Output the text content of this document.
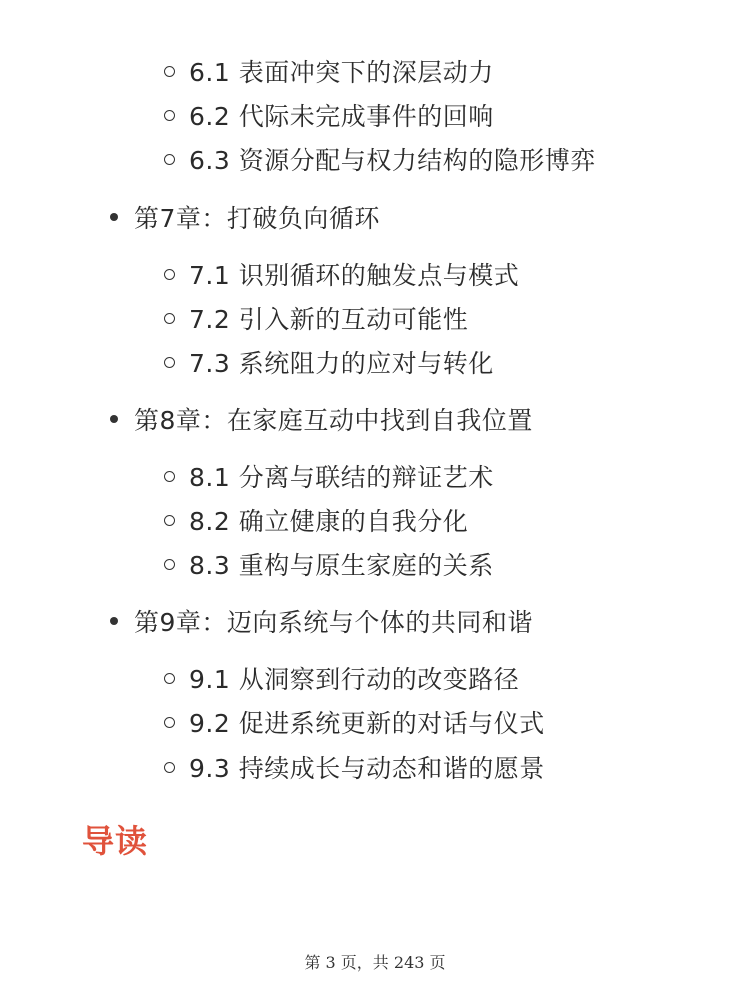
6.1 表面冲突下的深层动力
6.2 代际未完成事件的回响
6.3 资源分配与权力结构的隐形博弈
第7章：打破负向循环
7.1 识别循环的触发点与模式
7.2 引入新的互动可能性
7.3 系统阻力的应对与转化
第8章：在家庭互动中找到自我位置
8.1 分离与联结的辩证艺术
8.2 确立健康的自我分化
8.3 重构与原生家庭的关系
第9章：迈向系统与个体的共同和谐
9.1 从洞察到行动的改变路径
9.2 促进系统更新的对话与仪式
9.3 持续成长与动态和谐的愿景
导读
第 3 页，共 243 页
